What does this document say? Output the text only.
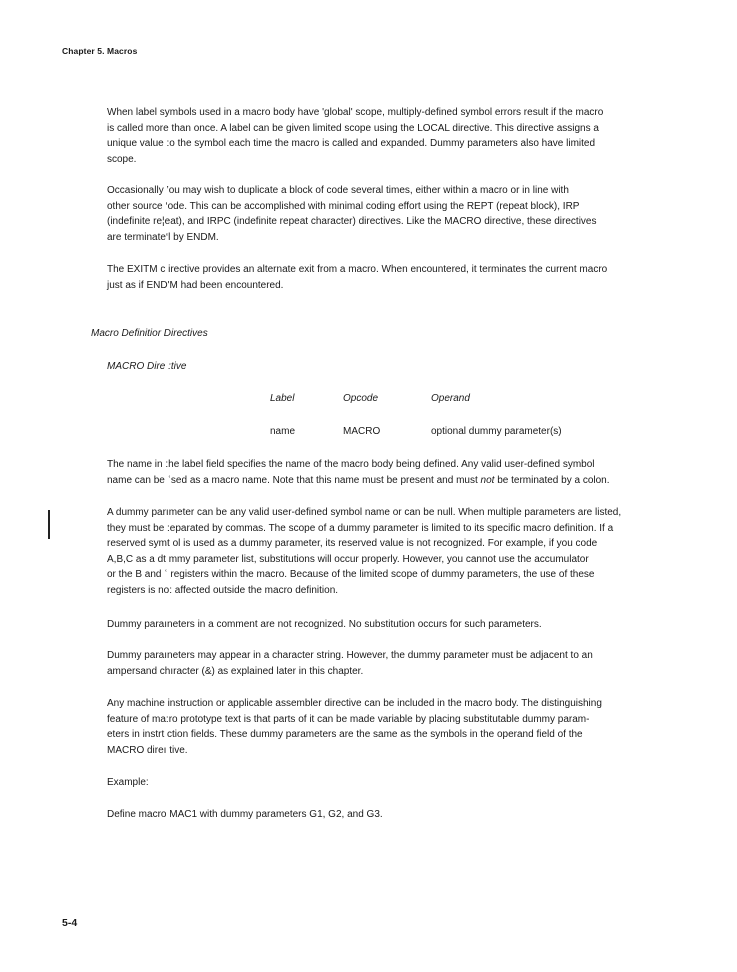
Chapter 5. Macros

When label symbols used in a macro body have 'global' scope, multiply-defined symbol errors result if the macro
is called more than once. A label can be given limited scope using the LOCAL directive. This directive assigns a
unique value :o the symbol each time the macro is called and expanded. Dummy parameters also have limited
scope.

Occasionally ’ou may wish to duplicate a block of code several times, either within a macro or in line with
other source ‘ode. This can be accomplished with minimal coding effort using the REPT (repeat block), IRP
(indefinite re¦eat), and IRPC (indefinite repeat character) directives. Like the MACRO directive, these directives
are terminate‘l by ENDM.

The EXITM c irective provides an alternate exit from a macro. When encountered, it terminates the current macro
just as if END'M had been encountered.

Macro Definitior Directives
MACRO Dire :tive
Label	Opcode	Operand
name	MACRO	optional dummy parameter(s)

The name in :he label field specifies the name of the macro body being defined. Any valid user-defined symbol
name can be ʿsed as a macro name. Note that this name must be present and must not be terminated by a colon.

A dummy parımeter can be any valid user-defined symbol name or can be null. When multiple parameters are listed,
they must be :eparated by commas. The scope of a dummy parameter is limited to its specific macro definition. If a
reserved symt ol is used as a dummy parameter, its reserved value is not recognized. For example, if you code
A,B,C as a dt mmy parameter list, substitutions will occur properly. However, you cannot use the accumulator
or the B and ʿ registers within the macro. Because of the limited scope of dummy parameters, the use of these
registers is no: affected outside the macro definition.

Dummy paraıneters in a comment are not recognized. No substitution occurs for such parameters.

Dummy paraıneters may appear in a character string. However, the dummy parameter must be adjacent to an
ampersand chıracter (&) as explained later in this chapter.

Any machine instruction or applicable assembler directive can be included in the macro body. The distinguishing
feature of ma:ro prototype text is that parts of it can be made variable by placing substitutable dummy param-
eters in instrt ction fields. These dummy parameters are the same as the symbols in the operand field of the
MACRO direı tive.

Example:

Define macro MAC1 with dummy parameters G1, G2, and G3.

5-4
